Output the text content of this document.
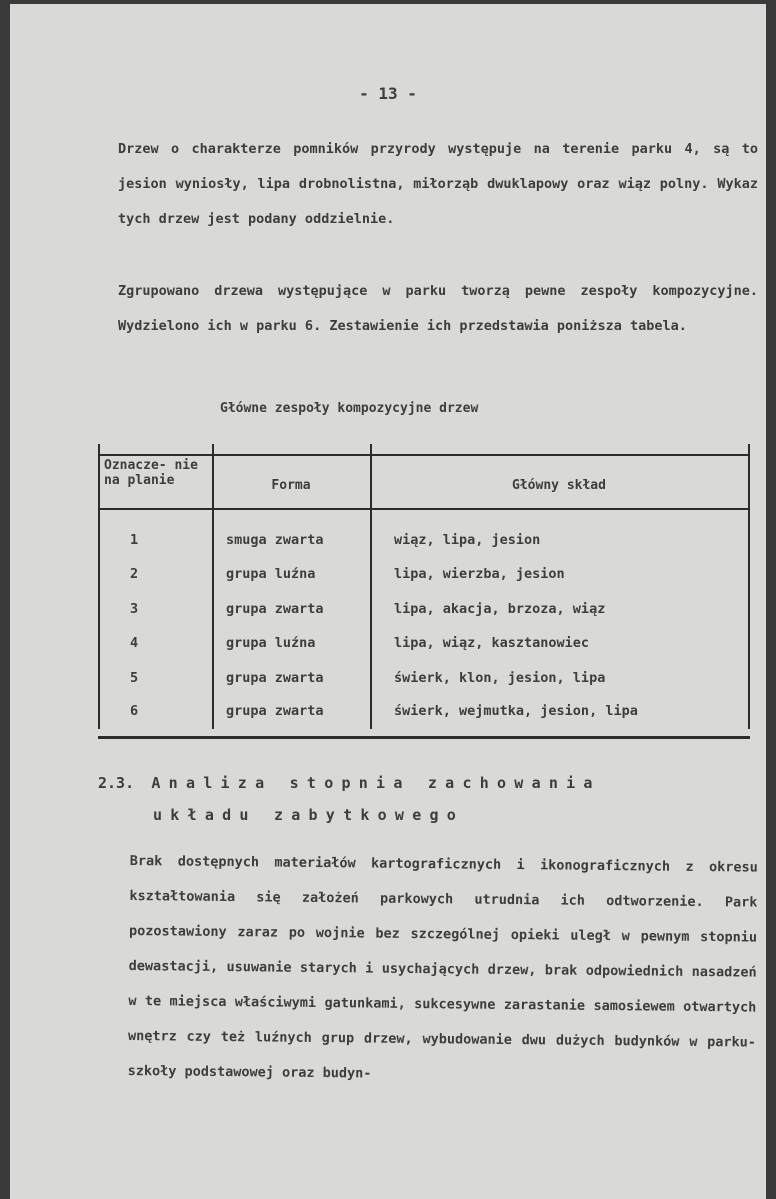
- 13 -
Drzew o charakterze pomników przyrody występuje na terenie parku 4, są to jesion wyniosły, lipa drobnolistna, miłorząb dwuklapowy oraz wiąz polny. Wykaz tych drzew jest podany oddzielnie.
Zgrupowano drzewa występujące w parku tworzą pewne zespoły kompozycyjne. Wydzielono ich w parku 6. Zestawienie ich przedstawia poniższa tabela.
Główne zespoły kompozycyjne drzew
Oznacze- nie na planie	Forma	Główny skład
1	smuga zwarta	wiąz, lipa, jesion
2	grupa luźna	lipa, wierzba, jesion
3	grupa zwarta	lipa, akacja, brzoza, wiąz
4	grupa luźna	lipa, wiąz, kasztanowiec
5	grupa zwarta	świerk, klon, jesion, lipa
6	grupa zwarta	świerk, wejmutka, jesion, lipa
2.3. Analiza stopnia zachowania
układu zabytkowego
Brak dostępnych materiałów kartograficznych i ikonograficznych z okresu kształtowania się założeń parkowych utrudnia ich odtworzenie. Park pozostawiony zaraz po wojnie bez szczególnej opieki uległ w pewnym stopniu dewastacji, usuwanie starych i usychających drzew, brak odpowiednich nasadzeń w te miejsca właściwymi gatunkami, sukcesywne zarastanie samosiewem otwartych wnętrz czy też luźnych grup drzew, wybudowanie dwu dużych budynków w parku- szkoły podstawowej oraz budyn-
